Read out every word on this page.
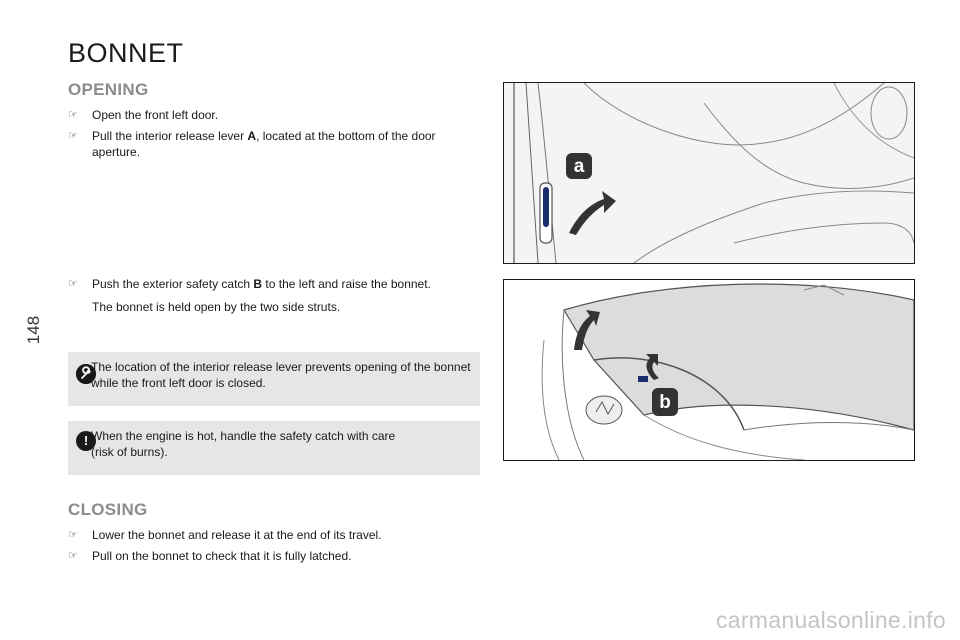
148
BONNET
OPENING
☞	Open the front left door.
☞	Pull the interior release lever A, located at the bottom of the door aperture.
☞	Push the exterior safety catch B to the left and raise the bonnet.
The bonnet is held open by the two side struts.
The location of the interior release lever prevents opening of the bonnet while the front left door is closed.
! When the engine is hot, handle the safety catch with care
(risk of burns).
CLOSING
☞	Lower the bonnet and release it at the end of its travel.
☞	Pull on the bonnet to check that it is fully latched.
a
b
carmanualsonline.info
